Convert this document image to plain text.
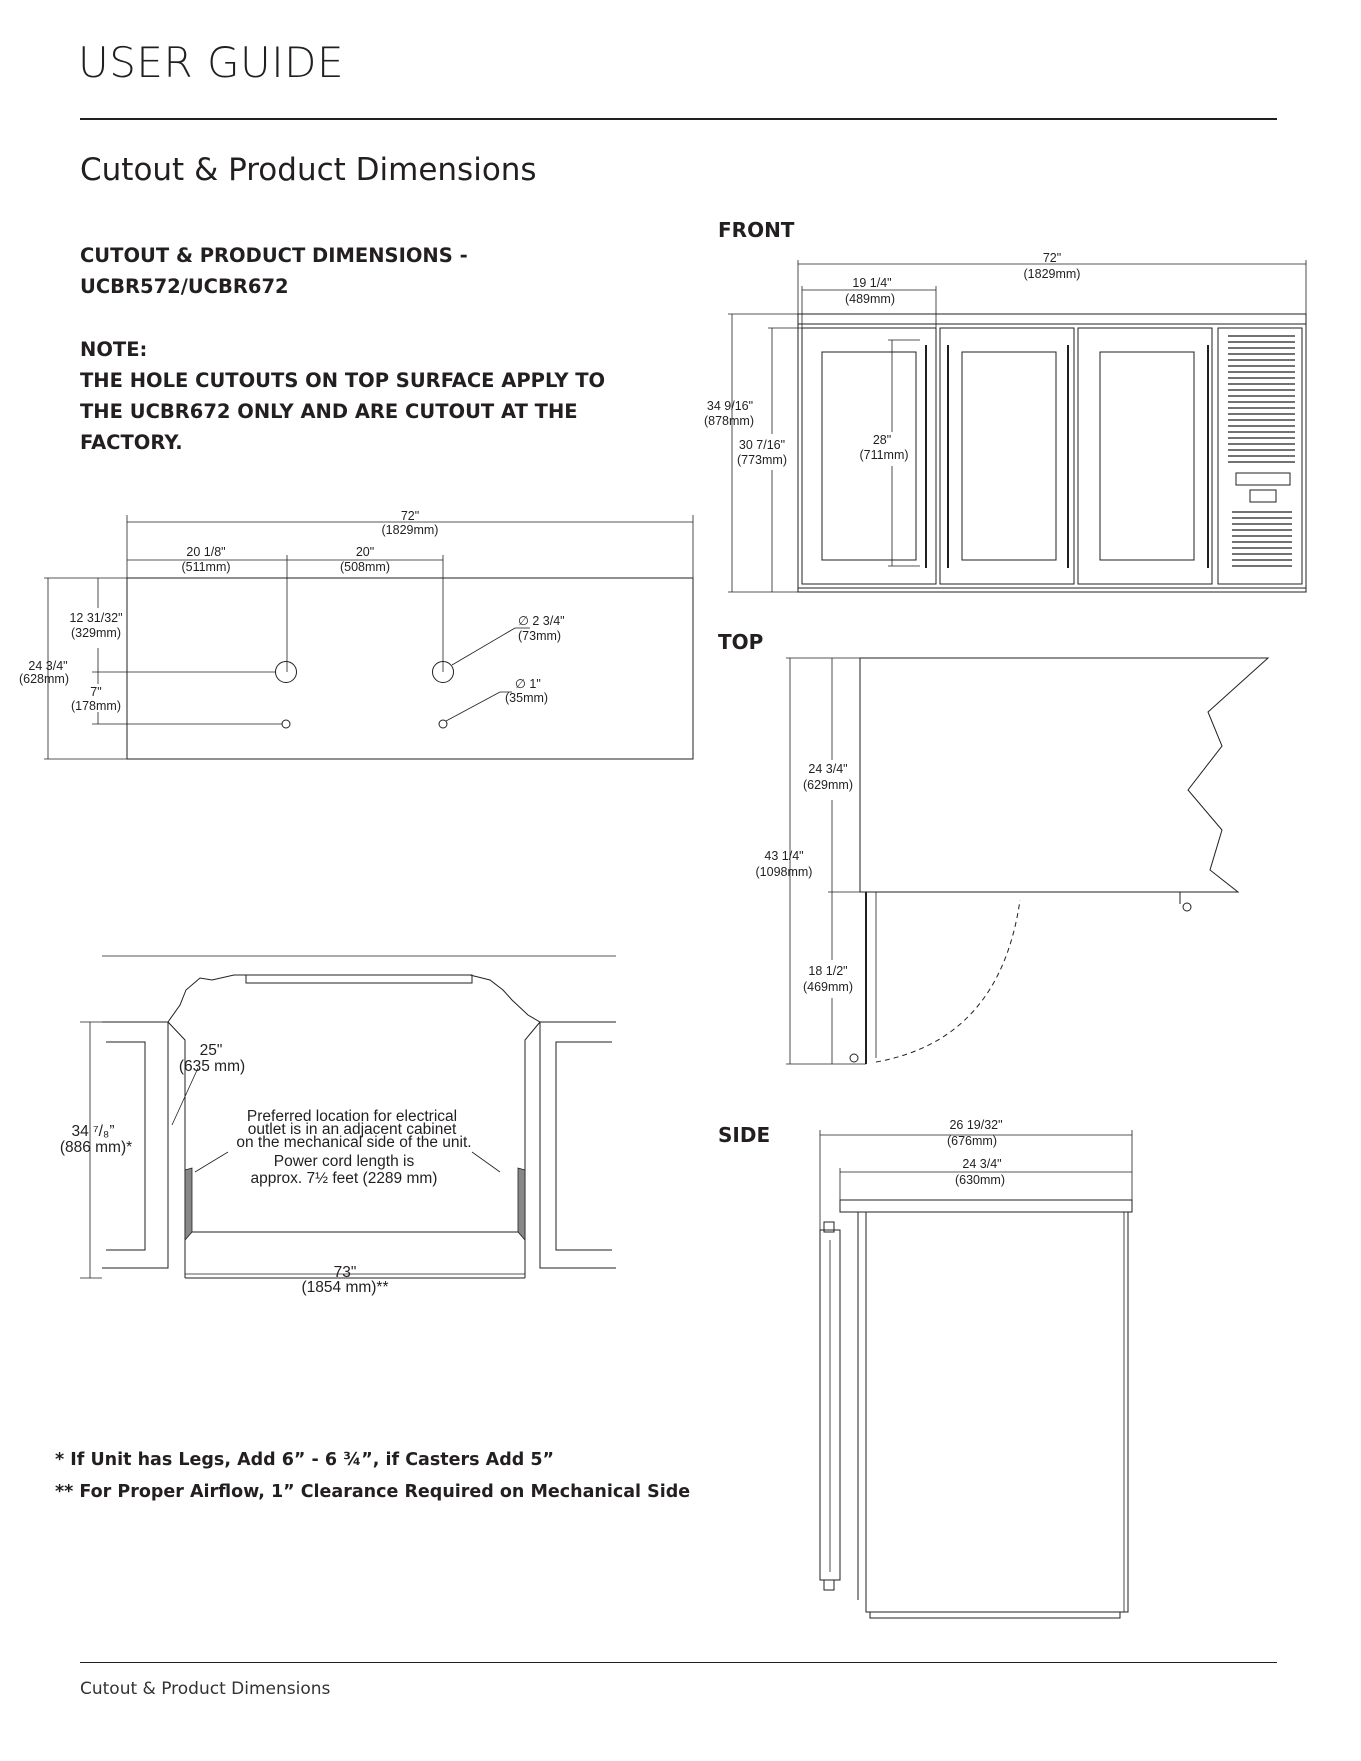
USER GUIDE
Cutout & Product Dimensions
CUTOUT & PRODUCT DIMENSIONS -
UCBR572/UCBR672
NOTE:
THE HOLE CUTOUTS ON TOP SURFACE APPLY TO
THE UCBR672 ONLY AND ARE CUTOUT AT THE
FACTORY.
FRONT
TOP
SIDE
72"
(1829mm)
20 1/8"
(511mm)
20"
(508mm)
∅ 2 3/4"
(73mm)
∅ 1"
(35mm)
24 3/4"
(628mm)
12 31/32"
(329mm)
7"
(178mm)
34 ⁷/₈”
(886 mm)*
25"
(635 mm)
Preferred location for electrical
outlet is in an adjacent cabinet
on the mechanical side of the unit.
Power cord length is
approx. 7½ feet (2289 mm)
73"
(1854 mm)**
72"
(1829mm)
19 1/4"
(489mm)
34 9/16"
(878mm)
30 7/16"
(773mm)
28"
(711mm)
43 1/4"
(1098mm)
24 3/4"
(629mm)
18 1/2"
(469mm)
26 19/32"
(676mm)
24 3/4"
(630mm)
* If Unit has Legs, Add 6” - 6 ¾”, if Casters Add 5”
** For Proper Airflow, 1” Clearance Required on Mechanical Side
Cutout & Product Dimensions
